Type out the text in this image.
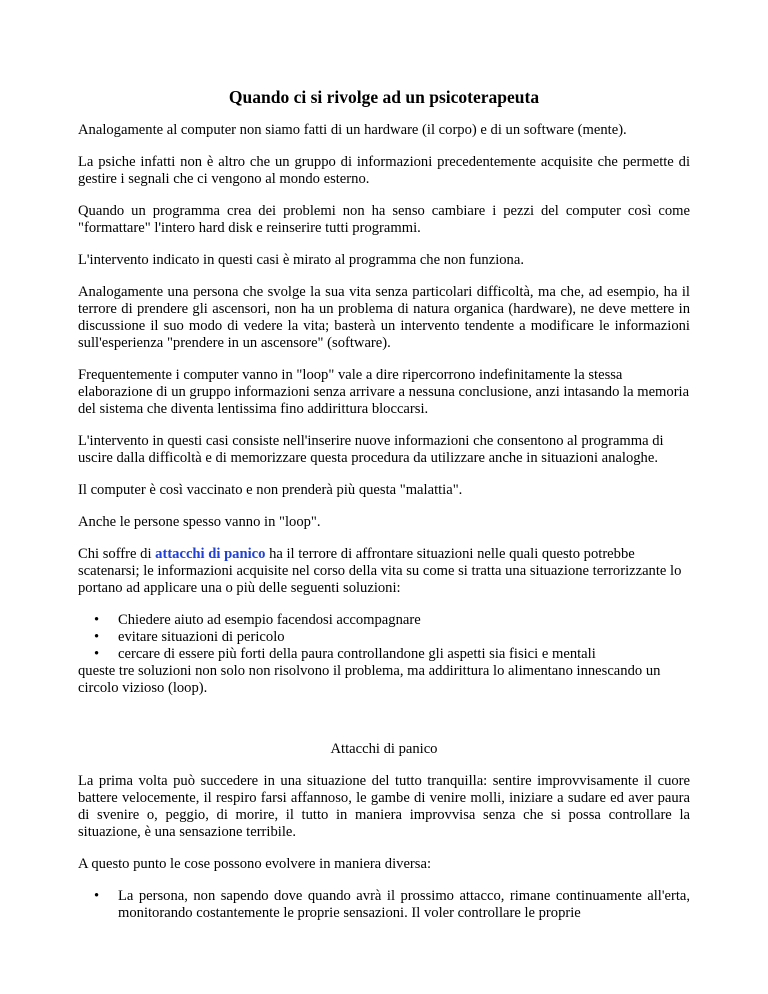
Quando ci si rivolge ad un psicoterapeuta

Analogamente al computer non siamo fatti di un hardware (il corpo) e di un software (mente).

La psiche infatti non è altro che un gruppo di informazioni precedentemente acquisite che permette di gestire i segnali che ci vengono al mondo esterno.

Quando un programma crea dei problemi non ha senso cambiare i pezzi del computer così come "formattare" l'intero hard disk e reinserire tutti programmi.

L'intervento indicato in questi casi è mirato al programma che non funziona.

Analogamente una persona che svolge la sua vita senza particolari difficoltà, ma che, ad esempio, ha il terrore di prendere gli ascensori, non ha un problema di natura organica (hardware), ne deve mettere in discussione il suo modo di vedere la vita; basterà un intervento tendente a modificare le informazioni sull'esperienza "prendere in un ascensore" (software).

Frequentemente i computer vanno in "loop" vale a dire ripercorrono indefinitamente la stessa elaborazione di un gruppo informazioni senza arrivare a nessuna conclusione, anzi intasando la memoria del sistema che diventa lentissima fino addirittura bloccarsi.

L'intervento in questi casi consiste nell'inserire nuove informazioni che consentono al programma di uscire dalla difficoltà e di memorizzare questa procedura da utilizzare anche in situazioni analoghe.

Il computer è così vaccinato e non prenderà più questa "malattia".

Anche le persone spesso vanno in "loop".

Chi soffre di attacchi di panico ha il terrore di affrontare situazioni nelle quali questo potrebbe scatenarsi; le informazioni acquisite nel corso della vita su come si tratta una situazione terrorizzante lo portano ad applicare una o più delle seguenti soluzioni:

• Chiedere aiuto ad esempio facendosi accompagnare
• evitare situazioni di pericolo
• cercare di essere più forti della paura controllandone gli aspetti sia fisici e mentali

queste tre soluzioni non solo non risolvono il problema, ma addirittura lo alimentano innescando un circolo vizioso (loop).

Attacchi di panico

La prima volta può succedere in una situazione del tutto tranquilla: sentire improvvisamente il cuore battere velocemente, il respiro farsi affannoso, le gambe di venire molli, iniziare a sudare ed aver paura di svenire o, peggio, di morire, il tutto in maniera improvvisa senza che si possa controllare la situazione, è una sensazione terribile.

A questo punto le cose possono evolvere in maniera diversa:

• La persona, non sapendo dove quando avrà il prossimo attacco, rimane continuamente all'erta, monitorando costantemente le proprie sensazioni. Il voler controllare le proprie
